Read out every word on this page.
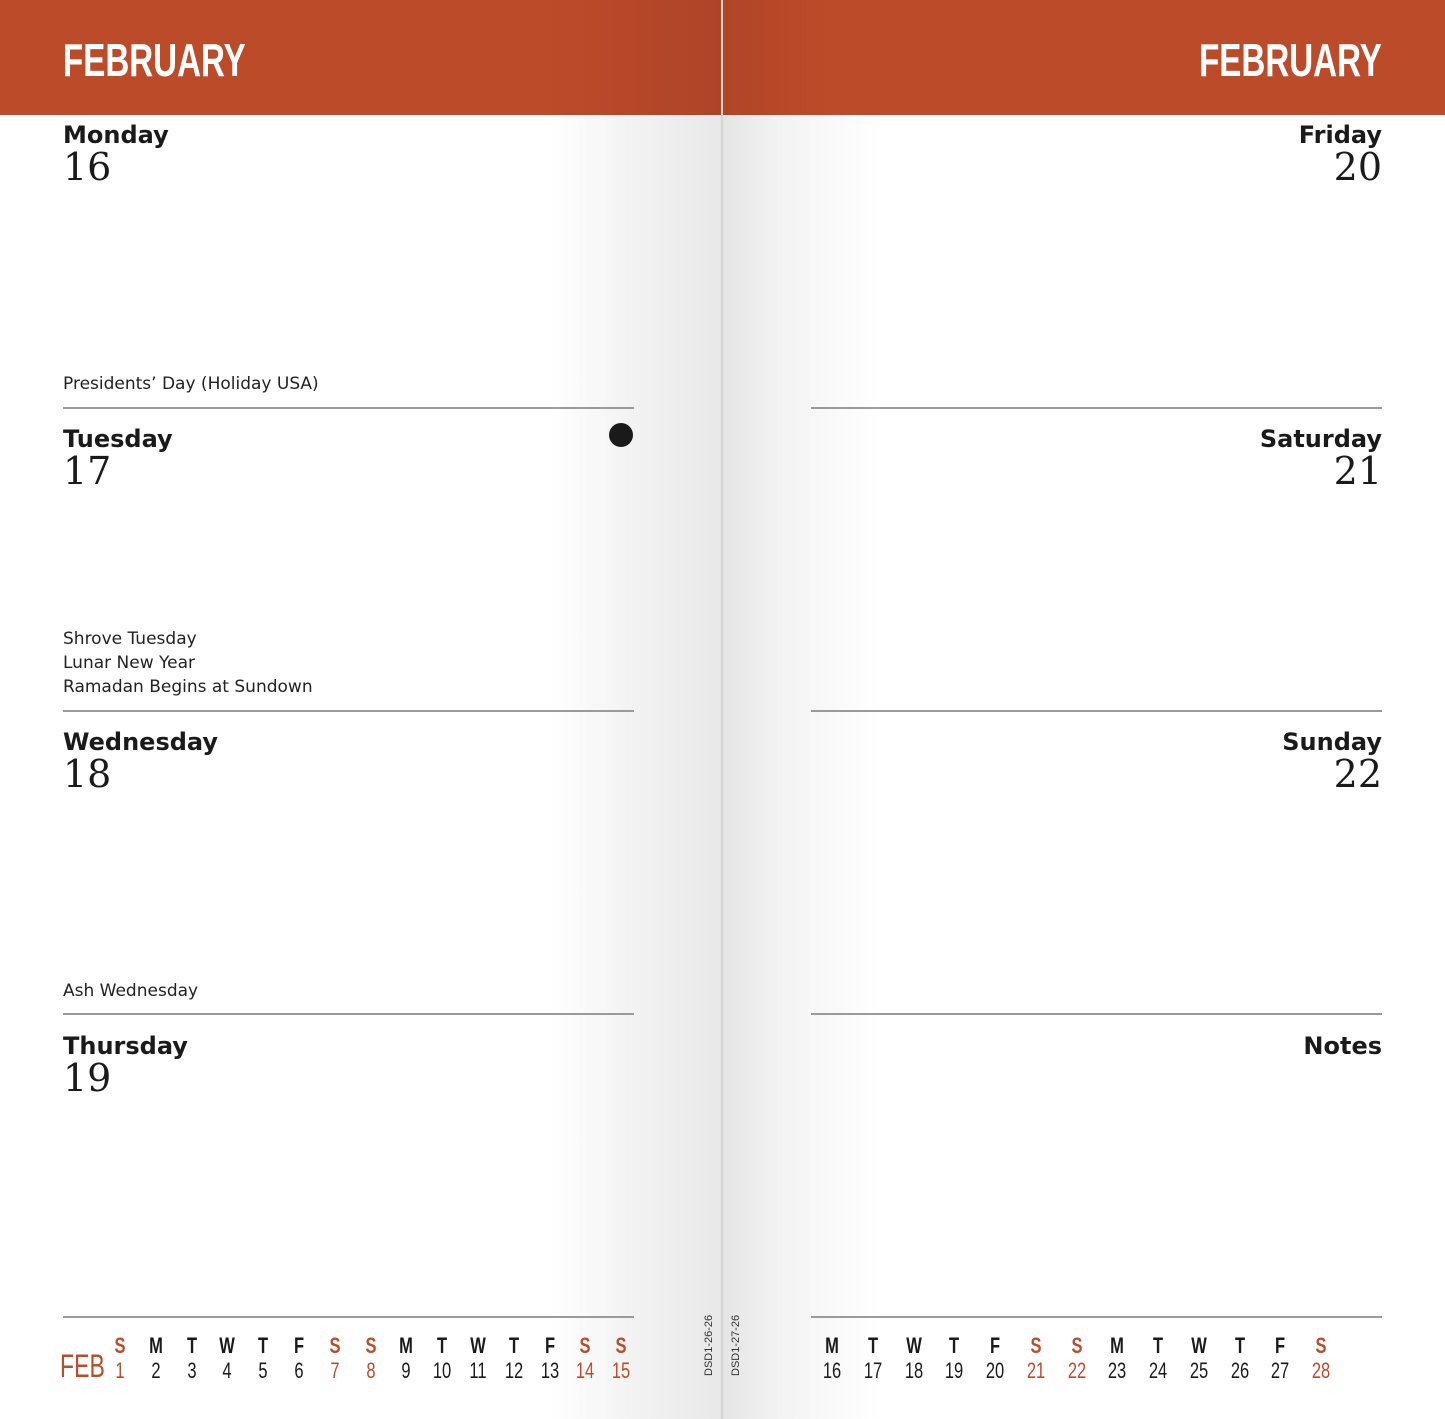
FEBRUARY	FEBRUARY
Monday
16
Presidents’ Day (Holiday USA)
Tuesday
17
Shrove Tuesday
Lunar New Year
Ramadan Begins at Sundown
Wednesday
18
Ash Wednesday
Thursday
19
Friday
20
Saturday
21
Sunday
22
Notes
FEB
S
1
M
2
T
3
W
4
T
5
F
6
S
7
S
8
M
9
T
10
W
11
T
12
F
13
S
14
S
15
M
16
T
17
W
18
T
19
F
20
S
21
S
22
M
23
T
24
W
25
T
26
F
27
S
28
DSD1-26-26 DSD1-27-26
